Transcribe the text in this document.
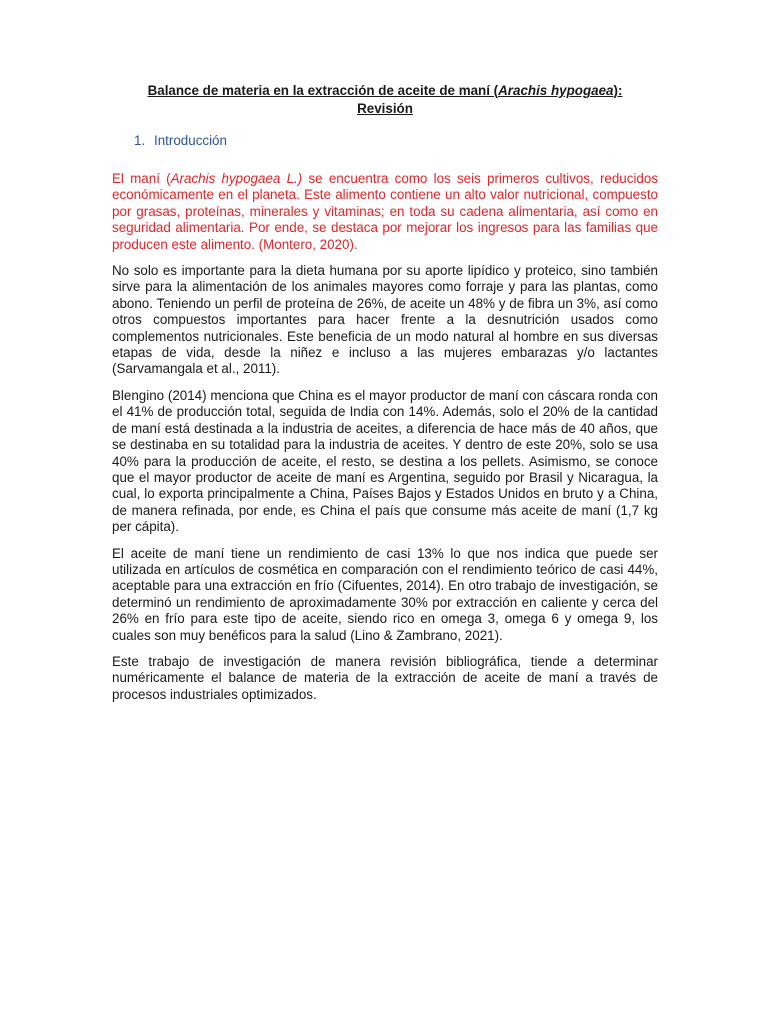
Balance de materia en la extracción de aceite de maní (Arachis hypogaea):
Revisión
1. Introducción

El maní (Arachis hypogaea L.) se encuentra como los seis primeros cultivos, reducidos económicamente en el planeta. Este alimento contiene un alto valor nutricional, compuesto por grasas, proteínas, minerales y vitaminas; en toda su cadena alimentaria, así como en seguridad alimentaria. Por ende, se destaca por mejorar los ingresos para las familias que producen este alimento. (Montero, 2020).

No solo es importante para la dieta humana por su aporte lipídico y proteico, sino también sirve para la alimentación de los animales mayores como forraje y para las plantas, como abono. Teniendo un perfil de proteína de 26%, de aceite un 48% y de fibra un 3%, así como otros compuestos importantes para hacer frente a la desnutrición usados como complementos nutricionales. Este beneficia de un modo natural al hombre en sus diversas etapas de vida, desde la niñez e incluso a las mujeres embarazas y/o lactantes (Sarvamangala et al., 2011).

Blengino (2014) menciona que China es el mayor productor de maní con cáscara ronda con el 41% de producción total, seguida de India con 14%. Además, solo el 20% de la cantidad de maní está destinada a la industria de aceites, a diferencia de hace más de 40 años, que se destinaba en su totalidad para la industria de aceites. Y dentro de este 20%, solo se usa 40% para la producción de aceite, el resto, se destina a los pellets. Asimismo, se conoce que el mayor productor de aceite de maní es Argentina, seguido por Brasil y Nicaragua, la cual, lo exporta principalmente a China, Países Bajos y Estados Unidos en bruto y a China, de manera refinada, por ende, es China el país que consume más aceite de maní (1,7 kg per cápita).

El aceite de maní tiene un rendimiento de casi 13% lo que nos indica que puede ser utilizada en artículos de cosmética en comparación con el rendimiento teórico de casi 44%, aceptable para una extracción en frío (Cifuentes, 2014). En otro trabajo de investigación, se determinó un rendimiento de aproximadamente 30% por extracción en caliente y cerca del 26% en frío para este tipo de aceite, siendo rico en omega 3, omega 6 y omega 9, los cuales son muy benéficos para la salud (Lino & Zambrano, 2021).

Este trabajo de investigación de manera revisión bibliográfica, tiende a determinar numéricamente el balance de materia de la extracción de aceite de maní a través de procesos industriales optimizados.
